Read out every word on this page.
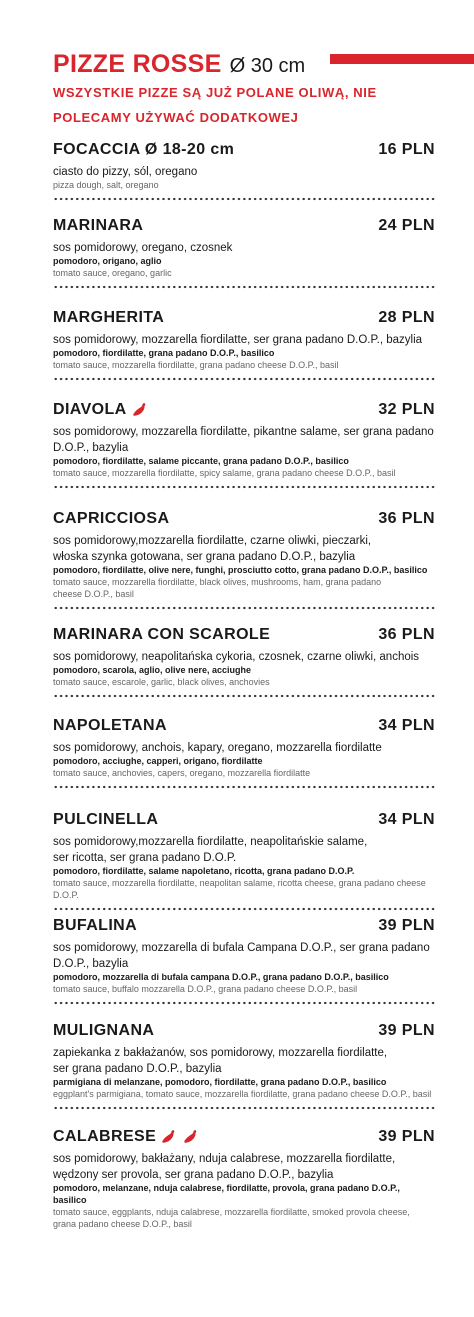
PIZZE ROSSE Ø 30 cm
WSZYSTKIE PIZZE SĄ JUŻ POLANE OLIWĄ, NIE
POLECAMY UŻYWAĆ DODATKOWEJ
FOCACCIA Ø 18-20 cm	16 PLN
ciasto do pizzy, sól, oregano
pizza dough, salt, oregano
MARINARA	24 PLN
sos pomidorowy, oregano, czosnek
pomodoro, origano, aglio
tomato sauce, oregano, garlic
MARGHERITA	28 PLN
sos pomidorowy, mozzarella fiordilatte, ser grana padano D.O.P., bazylia
pomodoro, fiordilatte, grana padano D.O.P., basilico
tomato sauce, mozzarella fiordilatte, grana padano cheese D.O.P., basil
DIAVOLA	32 PLN
sos pomidorowy, mozzarella fiordilatte, pikantne salame, ser grana padano
D.O.P., bazylia
pomodoro, fiordilatte, salame piccante, grana padano D.O.P., basilico
tomato sauce, mozzarella fiordilatte, spicy salame, grana padano cheese D.O.P., basil
CAPRICCIOSA	36 PLN
sos pomidorowy,mozzarella fiordilatte, czarne oliwki, pieczarki,
włoska szynka gotowana, ser grana padano D.O.P., bazylia
pomodoro, fiordilatte, olive nere, funghi, prosciutto cotto, grana padano D.O.P., basilico
tomato sauce, mozzarella fiordilatte, black olives, mushrooms, ham, grana padano
cheese D.O.P., basil
MARINARA CON SCAROLE	36 PLN
sos pomidorowy, neapolitańska cykoria, czosnek, czarne oliwki, anchois
pomodoro, scarola, aglio, olive nere, acciughe
tomato sauce, escarole, garlic, black olives, anchovies
NAPOLETANA	34 PLN
sos pomidorowy, anchois, kapary, oregano, mozzarella fiordilatte
pomodoro, acciughe, capperi, origano, fiordilatte
tomato sauce, anchovies, capers, oregano, mozzarella fiordilatte
PULCINELLA	34 PLN
sos pomidorowy,mozzarella fiordilatte, neapolitańskie salame,
ser ricotta, ser grana padano D.O.P.
pomodoro, fiordilatte, salame napoletano, ricotta, grana padano D.O.P.
tomato sauce, mozzarella fiordilatte, neapolitan salame, ricotta cheese, grana padano cheese D.O.P.
BUFALINA	39 PLN
sos pomidorowy, mozzarella di bufala Campana D.O.P., ser grana padano
D.O.P., bazylia
pomodoro, mozzarella di bufala campana D.O.P., grana padano D.O.P., basilico
tomato sauce, buffalo mozzarella D.O.P., grana padano cheese D.O.P., basil
MULIGNANA	39 PLN
zapiekanka z bakłażanów, sos pomidorowy, mozzarella fiordilatte,
ser grana padano D.O.P., bazylia
parmigiana di melanzane, pomodoro, fiordilatte, grana padano D.O.P., basilico
eggplant's parmigiana, tomato sauce, mozzarella fiordilatte, grana padano cheese D.O.P., basil
CALABRESE	39 PLN
sos pomidorowy, bakłażany, nduja calabrese, mozzarella fiordilatte,
wędzony ser provola, ser grana padano D.O.P., bazylia
pomodoro, melanzane, nduja calabrese, fiordilatte, provola, grana padano D.O.P., basilico
tomato sauce, eggplants, nduja calabrese, mozzarella fiordilatte, smoked provola cheese,
grana padano cheese D.O.P., basil
